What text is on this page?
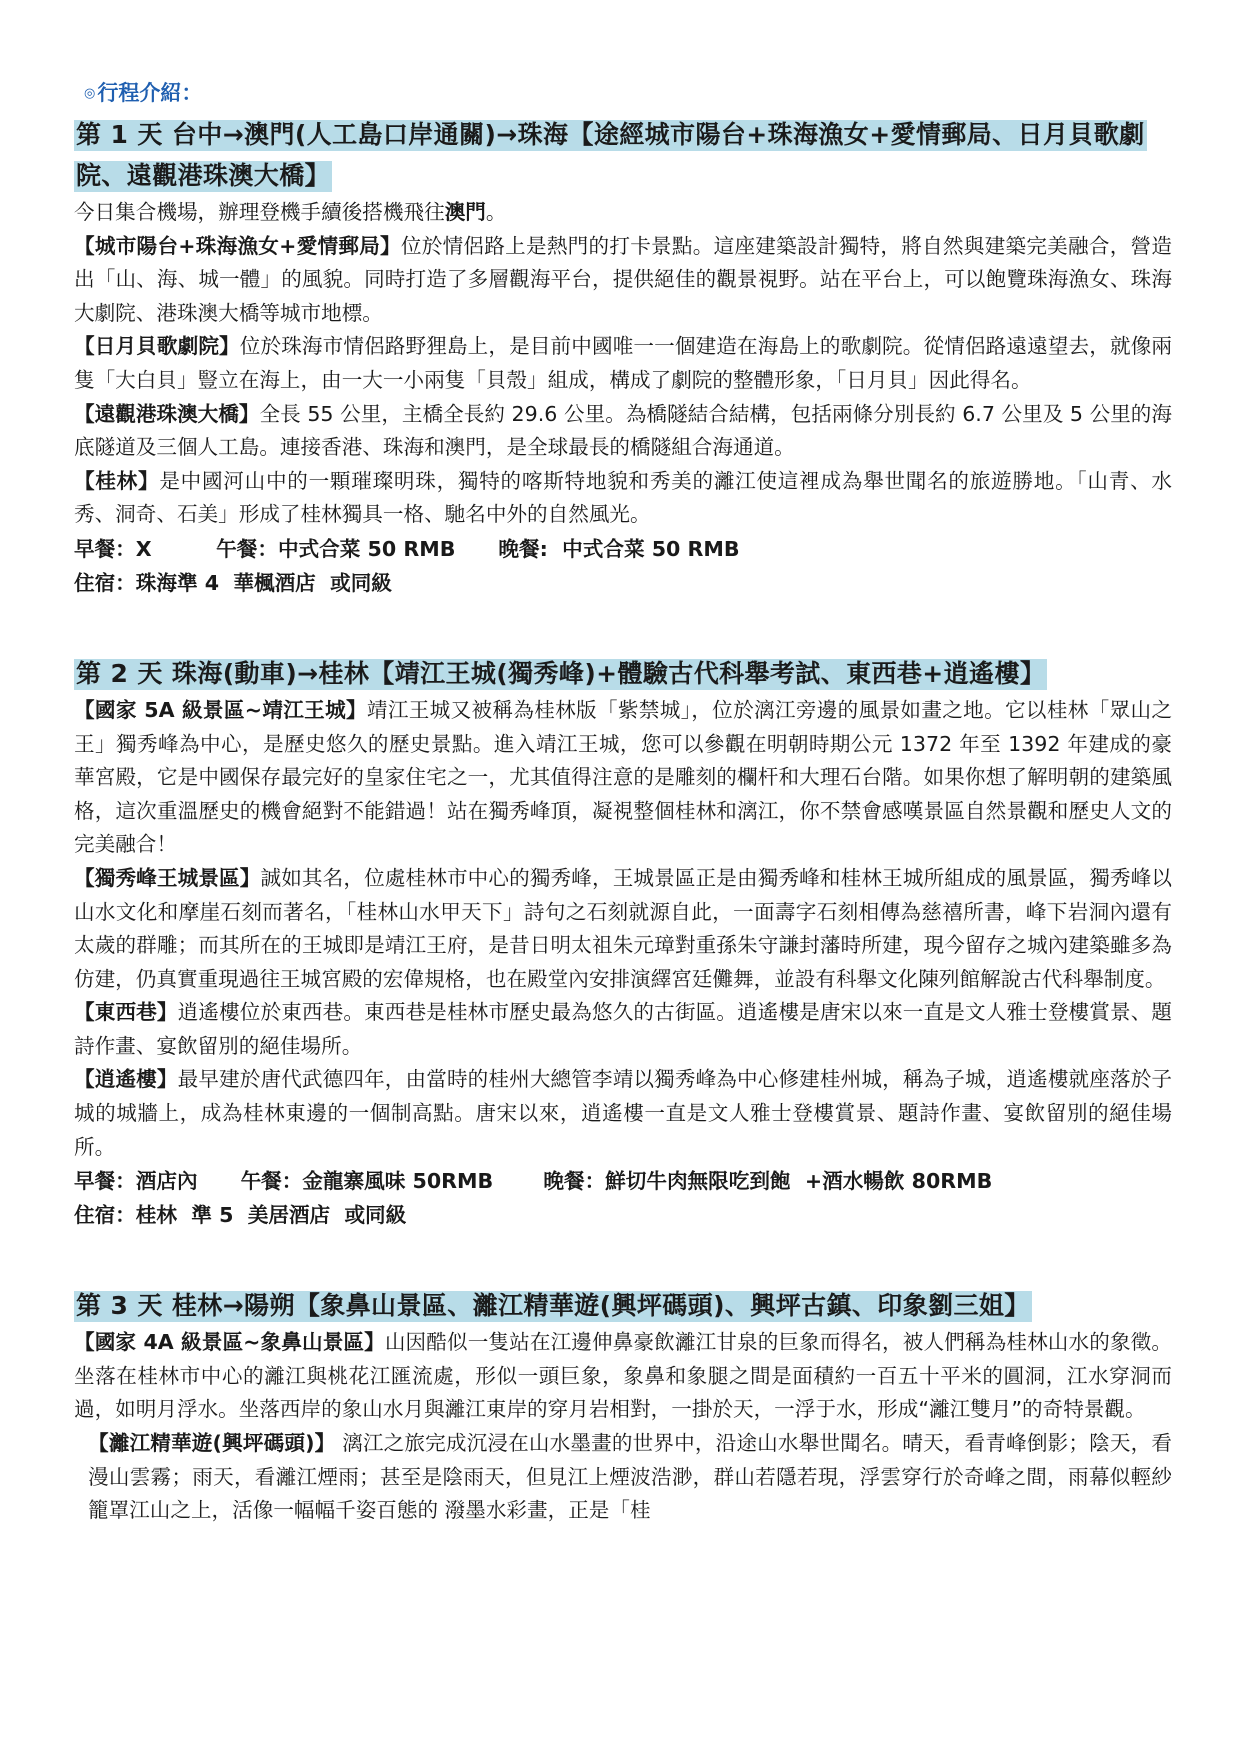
◎行程介紹：
第 1 天 台中→澳門(人工島口岸通關)→珠海【途經城市陽台+珠海漁女+愛情郵局、日月貝歌劇院、遠觀港珠澳大橋】

今日集合機場，辦理登機手續後搭機飛往澳門。

【城市陽台+珠海漁女+愛情郵局】位於情侶路上是熱門的打卡景點。這座建築設計獨特，將自然與建築完美融合，營造出「山、海、城一體」的風貌。同時打造了多層觀海平台，提供絕佳的觀景視野。站在平台上，可以飽覽珠海漁女、珠海大劇院、港珠澳大橋等城市地標。

【日月貝歌劇院】位於珠海市情侶路野狸島上，是目前中國唯一一個建造在海島上的歌劇院。從情侶路遠遠望去，就像兩隻「大白貝」豎立在海上，由一大一小兩隻「貝殼」組成，構成了劇院的整體形象，「日月貝」因此得名。

【遠觀港珠澳大橋】全長 55 公里，主橋全長約 29.6 公里。為橋隧結合結構，包括兩條分別長約 6.7 公里及 5 公里的海底隧道及三個人工島。連接香港、珠海和澳門，是全球最長的橋隧組合海通道。

【桂林】是中國河山中的一顆璀璨明珠，獨特的喀斯特地貌和秀美的灕江使這裡成為舉世聞名的旅遊勝地。「山青、水秀、洞奇、石美」形成了桂林獨具一格、馳名中外的自然風光。

早餐：X         午餐：中式合菜 50 RMB      晚餐:  中式合菜 50 RMB

住宿：珠海準 4  華楓酒店  或同級

第 2 天 珠海(動車)→桂林【靖江王城(獨秀峰)+體驗古代科舉考試、東西巷+逍遙樓】

【國家 5A 級景區~靖江王城】靖江王城又被稱為桂林版「紫禁城」，位於漓江旁邊的風景如畫之地。它以桂林「眾山之王」獨秀峰為中心，是歷史悠久的歷史景點。進入靖江王城，您可以參觀在明朝時期公元 1372 年至 1392 年建成的豪華宮殿，它是中國保存最完好的皇家住宅之一，尤其值得注意的是雕刻的欄杆和大理石台階。如果你想了解明朝的建築風格，這次重溫歷史的機會絕對不能錯過！站在獨秀峰頂，凝視整個桂林和漓江，你不禁會感嘆景區自然景觀和歷史人文的完美融合！

【獨秀峰王城景區】誠如其名，位處桂林市中心的獨秀峰，王城景區正是由獨秀峰和桂林王城所組成的風景區，獨秀峰以山水文化和摩崖石刻而著名，「桂林山水甲天下」詩句之石刻就源自此，一面壽字石刻相傳為慈禧所書，峰下岩洞內還有太歲的群雕；而其所在的王城即是靖江王府，是昔日明太祖朱元璋對重孫朱守謙封藩時所建，現今留存之城內建築雖多為仿建，仍真實重現過往王城宮殿的宏偉規格，也在殿堂內安排演繹宮廷儺舞，並設有科舉文化陳列館解說古代科舉制度。

【東西巷】逍遙樓位於東西巷。東西巷是桂林市歷史最為悠久的古街區。逍遙樓是唐宋以來一直是文人雅士登樓賞景、題詩作畫、宴飲留別的絕佳場所。

【逍遙樓】最早建於唐代武德四年，由當時的桂州大總管李靖以獨秀峰為中心修建桂州城，稱為子城，逍遙樓就座落於子城的城牆上，成為桂林東邊的一個制高點。唐宋以來，逍遙樓一直是文人雅士登樓賞景、題詩作畫、宴飲留別的絕佳場所。

早餐：酒店內      午餐：金龍寨風味 50RMB       晚餐：鮮切牛肉無限吃到飽  +酒水暢飲 80RMB

住宿：桂林  準 5  美居酒店  或同級

第 3 天 桂林→陽朔【象鼻山景區、灕江精華遊(興坪碼頭)、興坪古鎮、印象劉三姐】

【國家 4A 級景區~象鼻山景區】山因酷似一隻站在江邊伸鼻豪飲灕江甘泉的巨象而得名，被人們稱為桂林山水的象徵。坐落在桂林市中心的灕江與桃花江匯流處，形似一頭巨象，象鼻和象腿之間是面積約一百五十平米的圓洞，江水穿洞而過，如明月浮水。坐落西岸的象山水月與灕江東岸的穿月岩相對，一掛於天，一浮于水，形成“灕江雙月”的奇特景觀。

【灕江精華遊(興坪碼頭)】 漓江之旅完成沉浸在山水墨畫的世界中，沿途山水舉世聞名。晴天，看青峰倒影；陰天，看漫山雲霧；雨天，看灕江煙雨；甚至是陰雨天，但見江上煙波浩渺，群山若隱若現，浮雲穿行於奇峰之間，雨幕似輕紗籠罩江山之上，活像一幅幅千姿百態的 潑墨水彩畫，正是「桂
